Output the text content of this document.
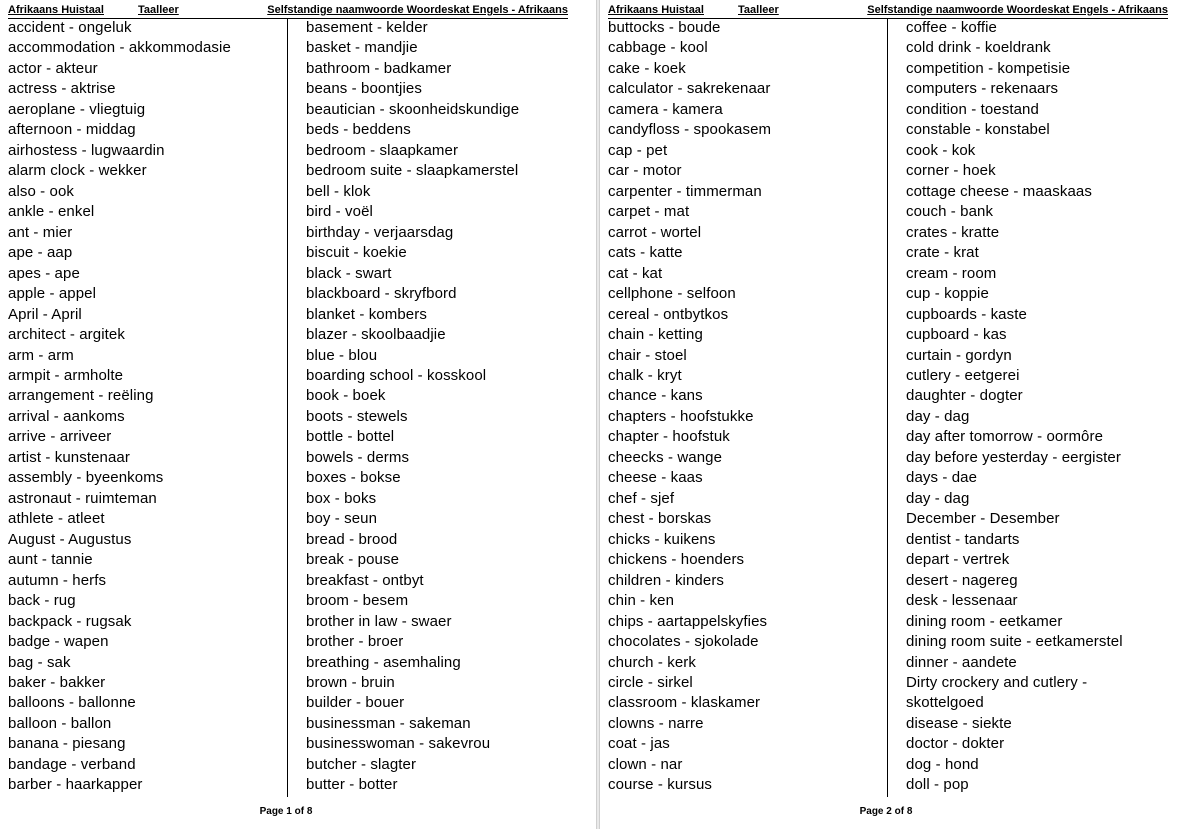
Afrikaans Huistaal	Taalleer	Selfstandige naamwoorde Woordeskat Engels - Afrikaans
accident - ongeluk
accommodation - akkommodasie
actor - akteur
actress - aktrise
aeroplane - vliegtuig
afternoon - middag
airhostess - lugwaardin
alarm clock - wekker
also - ook
ankle - enkel
ant - mier
ape - aap
apes - ape
apple - appel
April - April
architect - argitek
arm - arm
armpit - armholte
arrangement - reëling
arrival - aankoms
arrive - arriveer
artist - kunstenaar
assembly - byeenkoms
astronaut - ruimteman
athlete - atleet
August - Augustus
aunt - tannie
autumn - herfs
back - rug
backpack - rugsak
badge - wapen
bag - sak
baker - bakker
balloons - ballonne
balloon - ballon
banana - piesang
bandage - verband
barber - haarkapper
basement - kelder
basket - mandjie
bathroom - badkamer
beans - boontjies
beautician - skoonheidskundige
beds - beddens
bedroom - slaapkamer
bedroom suite - slaapkamerstel
bell - klok
bird - voël
birthday - verjaarsdag
biscuit - koekie
black - swart
blackboard - skryfbord
blanket - kombers
blazer - skoolbaadjie
blue - blou
boarding school - kosskool
book - boek
boots - stewels
bottle - bottel
bowels - derms
boxes - bokse
box - boks
boy - seun
bread - brood
break - pouse
breakfast - ontbyt
broom - besem
brother in law - swaer
brother - broer
breathing - asemhaling
brown - bruin
builder - bouer
businessman - sakeman
businesswoman - sakevrou
butcher - slagter
butter - botter
Page 1 of 8
Afrikaans Huistaal	Taalleer	Selfstandige naamwoorde Woordeskat Engels - Afrikaans
buttocks - boude
cabbage - kool
cake - koek
calculator - sakrekenaar
camera - kamera
candyfloss - spookasem
cap - pet
car - motor
carpenter - timmerman
carpet - mat
carrot - wortel
cats - katte
cat - kat
cellphone - selfoon
cereal - ontbytkos
chain - ketting
chair - stoel
chalk - kryt
chance - kans
chapters - hoofstukke
chapter - hoofstuk
cheecks - wange
cheese - kaas
chef - sjef
chest - borskas
chicks - kuikens
chickens - hoenders
children - kinders
chin - ken
chips - aartappelskyfies
chocolates - sjokolade
church - kerk
circle - sirkel
classroom - klaskamer
clowns - narre
coat - jas
clown - nar
course - kursus
coffee - koffie
cold drink - koeldrank
competition - kompetisie
computers - rekenaars
condition - toestand
constable - konstabel
cook - kok
corner - hoek
cottage cheese - maaskaas
couch - bank
crates - kratte
crate - krat
cream - room
cup - koppie
cupboards - kaste
cupboard - kas
curtain - gordyn
cutlery - eetgerei
daughter - dogter
day - dag
day after tomorrow - oormôre
day before yesterday - eergister
days - dae
day - dag
December - Desember
dentist - tandarts
depart - vertrek
desert - nagereg
desk - lessenaar
dining room - eetkamer
dining room suite - eetkamerstel
dinner - aandete
Dirty crockery and cutlery -
skottelgoed
disease - siekte
doctor - dokter
dog - hond
doll - pop
Page 2 of 8
